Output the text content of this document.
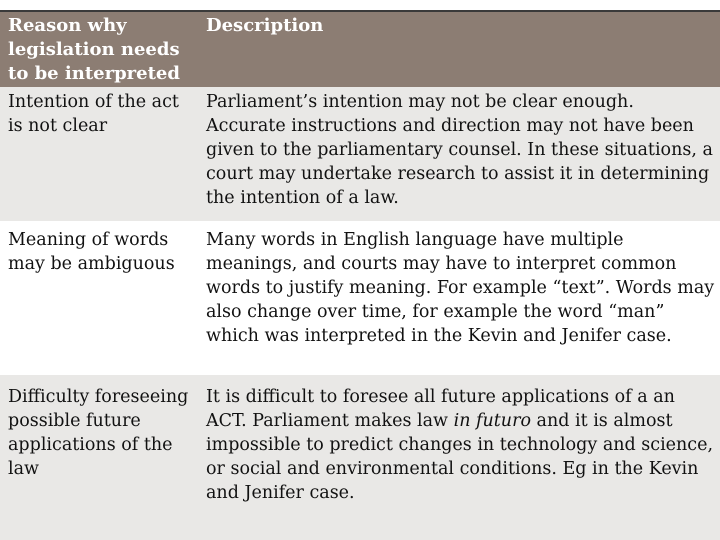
Reason why legislation needs to be interpreted	Description
Intention of the act is not clear	Parliament’s intention may not be clear enough. Accurate instructions and direction may not have been given to the parliamentary counsel. In these situations, a court may undertake research to assist it in determining the intention of a law.
Meaning of words may be ambiguous	Many words in English language have multiple meanings, and courts may have to interpret common words to justify meaning. For example “text”. Words may also change over time, for example the word “man” which was interpreted in the Kevin and Jenifer case.
Difficulty foreseeing possible future applications of the law	It is difficult to foresee all future applications of a an ACT. Parliament makes law in futuro and it is almost impossible to predict changes in technology and science, or social and environmental conditions. Eg in the Kevin and Jenifer case.
